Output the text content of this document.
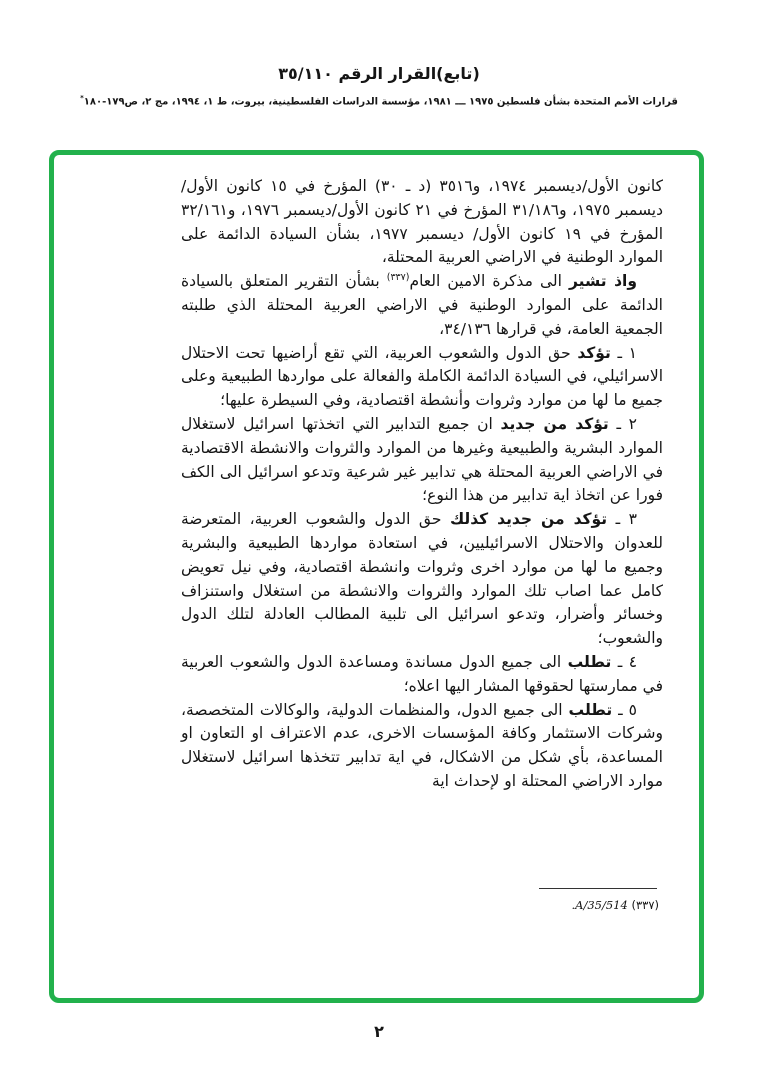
(تابع)القرار الرقم ٣٥/١١٠
قرارات الأمم المتحدة بشأن فلسطين ١٩٧٥ ـــ ١٩٨١، مؤسسة الدراسات الفلسطينية، بيروت، ط ١، ١٩٩٤، مج ٢، ص١٧٩-١٨٠*

كانون الأول/ديسمبر ١٩٧٤، و٣٥١٦ (د ـ ٣٠) المؤرخ في ١٥ كانون الأول/ديسمبر ١٩٧٥، و٣١/١٨٦ المؤرخ في ٢١ كانون الأول/ديسمبر ١٩٧٦، و٣٢/١٦١ المؤرخ في ١٩ كانون الأول/ ديسمبر ١٩٧٧، بشأن السيادة الدائمة على الموارد الوطنية في الاراضي العربية المحتلة،

واذ تشير الى مذكرة الامين العام$^{(٣٣٧)}$ بشأن التقرير المتعلق بالسيادة الدائمة على الموارد الوطنية في الاراضي العربية المحتلة الذي طلبته الجمعية العامة، في قرارها ٣٤/١٣٦،

١ ـ تؤكد حق الدول والشعوب العربية، التي تقع أراضيها تحت الاحتلال الاسرائيلي، في السيادة الدائمة الكاملة والفعالة على مواردها الطبيعية وعلى جميع ما لها من موارد وثروات وأنشطة اقتصادية، وفي السيطرة عليها؛

٢ ـ تؤكد من جديد ان جميع التدابير التي اتخذتها اسرائيل لاستغلال الموارد البشرية والطبيعية وغيرها من الموارد والثروات والانشطة الاقتصادية في الاراضي العربية المحتلة هي تدابير غير شرعية وتدعو اسرائيل الى الكف فورا عن اتخاذ اية تدابير من هذا النوع؛

٣ ـ تؤكد من جديد كذلك حق الدول والشعوب العربية، المتعرضة للعدوان والاحتلال الاسرائيليين، في استعادة مواردها الطبيعية والبشرية وجميع ما لها من موارد اخرى وثروات وانشطة اقتصادية، وفي نيل تعويض كامل عما اصاب تلك الموارد والثروات والانشطة من استغلال واستنزاف وخسائر وأضرار، وتدعو اسرائيل الى تلبية المطالب العادلة لتلك الدول والشعوب؛

٤ ـ تطلب الى جميع الدول مساندة ومساعدة الدول والشعوب العربية في ممارستها لحقوقها المشار اليها اعلاه؛

٥ ـ تطلب الى جميع الدول، والمنظمات الدولية، والوكالات المتخصصة، وشركات الاستثمار وكافة المؤسسات الاخرى، عدم الاعتراف او التعاون او المساعدة، بأي شكل من الاشكال، في اية تدابير تتخذها اسرائيل لاستغلال موارد الاراضي المحتلة او لإحداث اية

(٣٣٧) A/35/514.
٢
